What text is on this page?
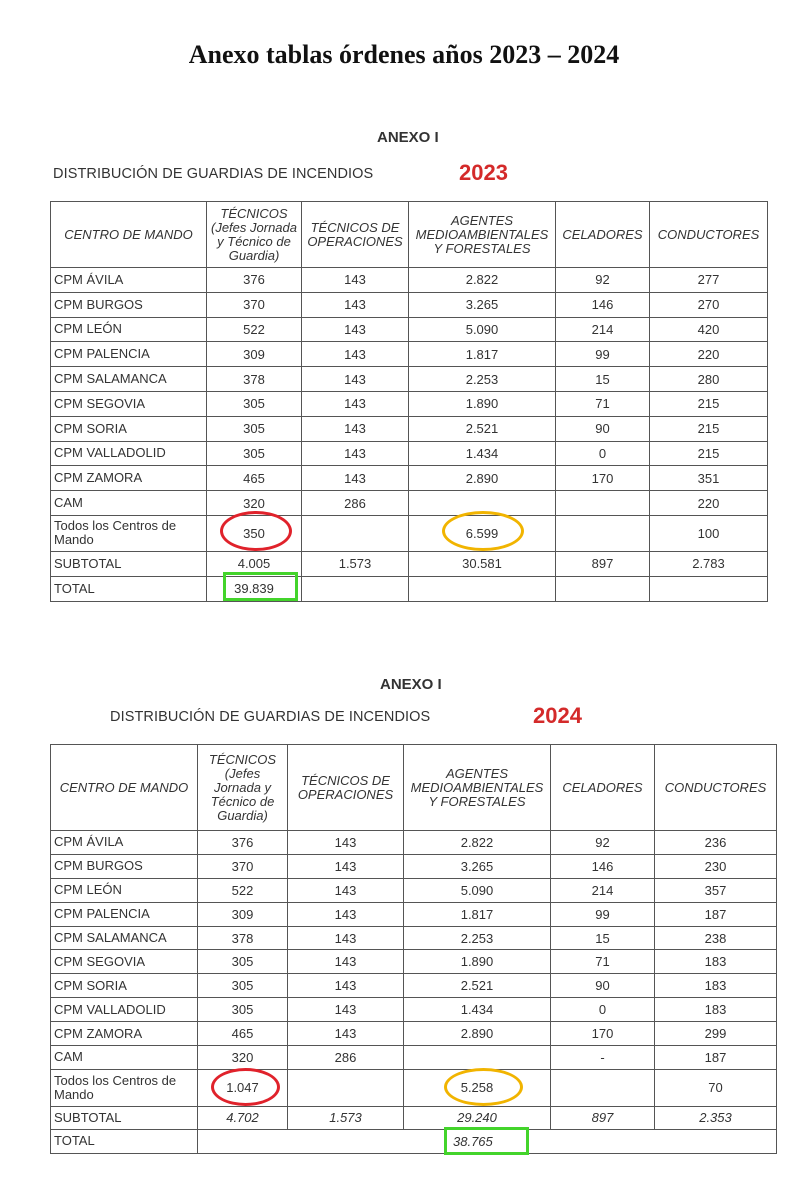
Anexo tablas órdenes años 2023 – 2024
ANEXO I
DISTRIBUCIÓN DE GUARDIAS DE INCENDIOS	2023
CENTRO DE MANDO	TÉCNICOS (Jefes Jornada y Técnico de Guardia)	TÉCNICOS DE OPERACIONES	AGENTES MEDIOAMBIENTALES Y FORESTALES	CELADORES	CONDUCTORES
CPM ÁVILA	376	143	2.822	92	277
CPM BURGOS	370	143	3.265	146	270
CPM LEÓN	522	143	5.090	214	420
CPM PALENCIA	309	143	1.817	99	220
CPM SALAMANCA	378	143	2.253	15	280
CPM SEGOVIA	305	143	1.890	71	215
CPM SORIA	305	143	2.521	90	215
CPM VALLADOLID	305	143	1.434	0	215
CPM ZAMORA	465	143	2.890	170	351
CAM	320	286			220
Todos los Centros de Mando	350		6.599		100
SUBTOTAL	4.005	1.573	30.581	897	2.783
TOTAL	39.839				
ANEXO I
DISTRIBUCIÓN DE GUARDIAS DE INCENDIOS	2024
CENTRO DE MANDO	TÉCNICOS (Jefes Jornada y Técnico de Guardia)	TÉCNICOS DE OPERACIONES	AGENTES MEDIOAMBIENTALES Y FORESTALES	CELADORES	CONDUCTORES
CPM ÁVILA	376	143	2.822	92	236
CPM BURGOS	370	143	3.265	146	230
CPM LEÓN	522	143	5.090	214	357
CPM PALENCIA	309	143	1.817	99	187
CPM SALAMANCA	378	143	2.253	15	238
CPM SEGOVIA	305	143	1.890	71	183
CPM SORIA	305	143	2.521	90	183
CPM VALLADOLID	305	143	1.434	0	183
CPM ZAMORA	465	143	2.890	170	299
CAM	320	286		-	187
Todos los Centros de Mando	1.047		5.258		70
SUBTOTAL	4.702	1.573	29.240	897	2.353
TOTAL	38.765				
